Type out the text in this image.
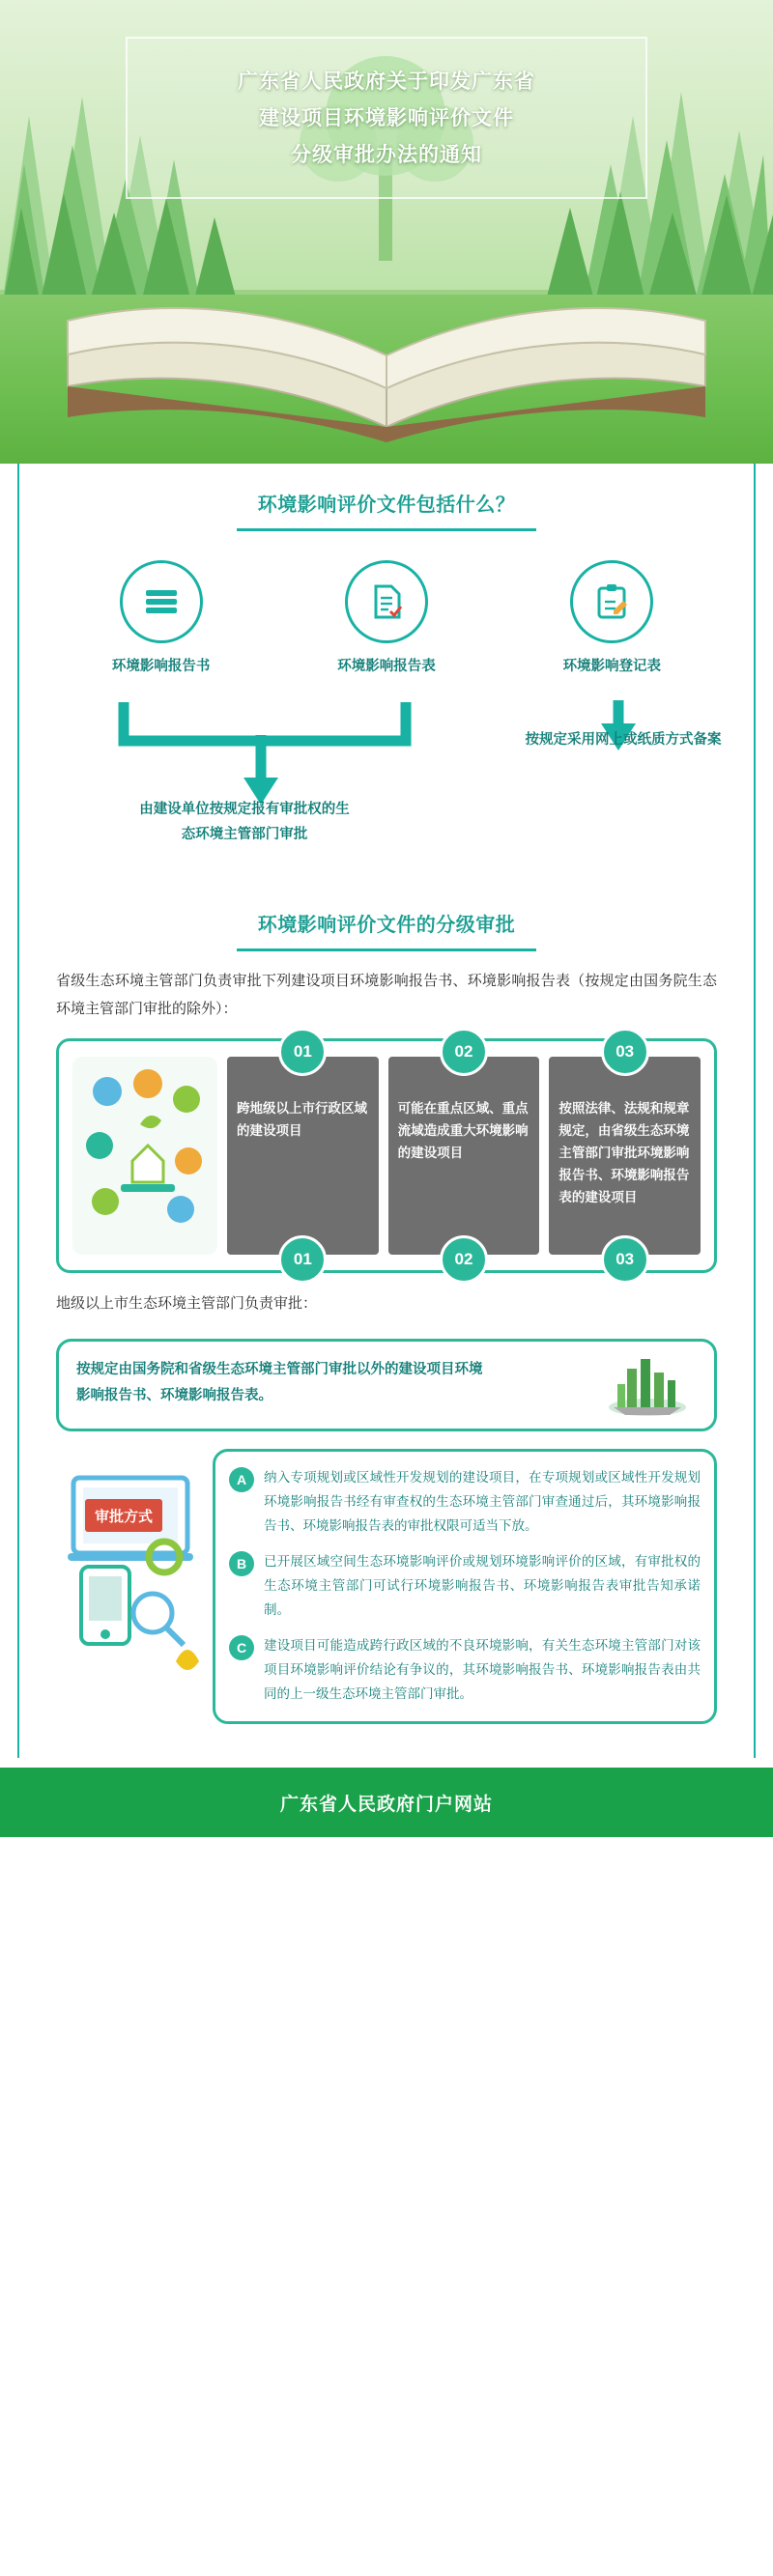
广东省人民政府关于印发广东省
建设项目环境影响评价文件
分级审批办法的通知
环境影响评价文件包括什么？
环境影响报告书	环境影响报告表	环境影响登记表
由建设单位按规定报有审批权的生态环境主管部门审批
按规定采用网上或纸质方式备案
环境影响评价文件的分级审批
省级生态环境主管部门负责审批下列建设项目环境影响报告书、环境影响报告表（按规定由国务院生态环境主管部门审批的除外）：
01
跨地级以上市行政区域的建设项目
01
02
可能在重点区域、重点流域造成重大环境影响的建设项目
02
03
按照法律、法规和规章规定，由省级生态环境主管部门审批环境影响报告书、环境影响报告表的建设项目
03
地级以上市生态环境主管部门负责审批：
按规定由国务院和省级生态环境主管部门审批以外的建设项目环境影响报告书、环境影响报告表。
审批方式
A	纳入专项规划或区域性开发规划的建设项目，在专项规划或区域性开发规划环境影响报告书经有审查权的生态环境主管部门审查通过后，其环境影响报告书、环境影响报告表的审批权限可适当下放。
B	已开展区域空间生态环境影响评价或规划环境影响评价的区域，有审批权的生态环境主管部门可试行环境影响报告书、环境影响报告表审批告知承诺制。
C	建设项目可能造成跨行政区域的不良环境影响，有关生态环境主管部门对该项目环境影响评价结论有争议的，其环境影响报告书、环境影响报告表由共同的上一级生态环境主管部门审批。
广东省人民政府门户网站
